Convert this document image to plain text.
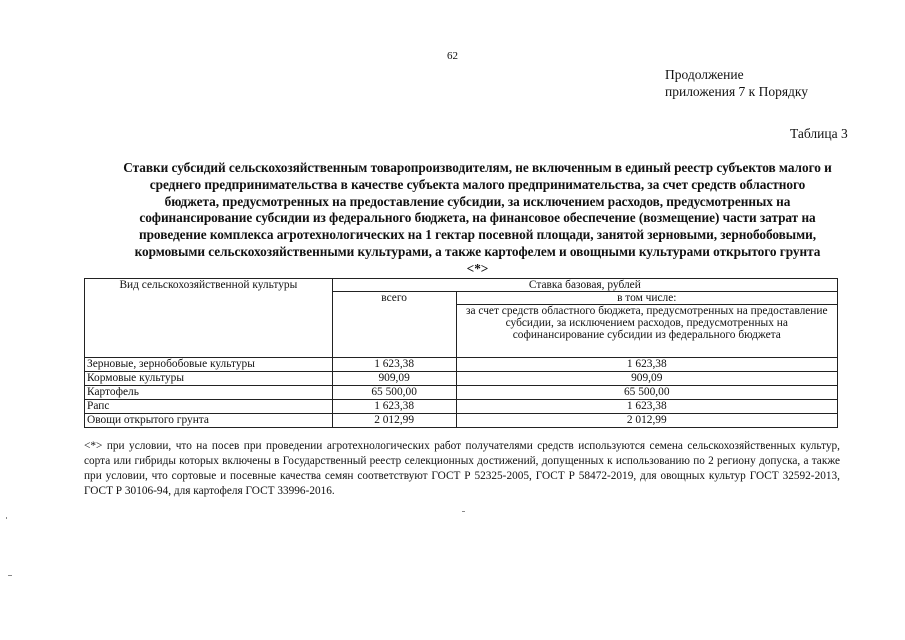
62
Продолжение
приложения 7 к Порядку
Таблица 3
Ставки субсидий сельскохозяйственным товаропроизводителям, не включенным в единый реестр субъектов малого и
среднего предпринимательства в качестве субъекта малого предпринимательства, за счет средств областного
бюджета, предусмотренных на предоставление субсидии, за исключением расходов, предусмотренных на
софинансирование субсидии из федерального бюджета, на финансовое обеспечение (возмещение) части затрат на
проведение комплекса агротехнологических на 1 гектар посевной площади, занятой зерновыми, зернобобовыми,
кормовыми сельскохозяйственными культурами, а также картофелем и овощными культурами открытого грунта
<*>
Вид сельскохозяйственной культуры	Ставка базовая, рублей	
	всего	в том числе:
		за счет средств областного бюджета, предусмотренных на предоставление субсидии, за исключением расходов, предусмотренных на софинансирование субсидии из федерального бюджета
Зерновые, зернобобовые культуры	1 623,38	1 623,38
Кормовые культуры	909,09	909,09
Картофель	65 500,00	65 500,00
Рапс	1 623,38	1 623,38
Овощи открытого грунта	2 012,99	2 012,99
<*> при условии, что на посев при проведении агротехнологических работ получателями средств используются семена сельскохозяйственных культур, сорта или гибриды которых включены в Государственный реестр селекционных достижений, допущенных к использованию по 2 региону допуска, а также при условии, что сортовые и посевные качества семян соответствуют ГОСТ Р 52325-2005, ГОСТ Р 58472-2019, для овощных культур ГОСТ 32592-2013, ГОСТ Р 30106-94, для картофеля ГОСТ 33996-2016.
